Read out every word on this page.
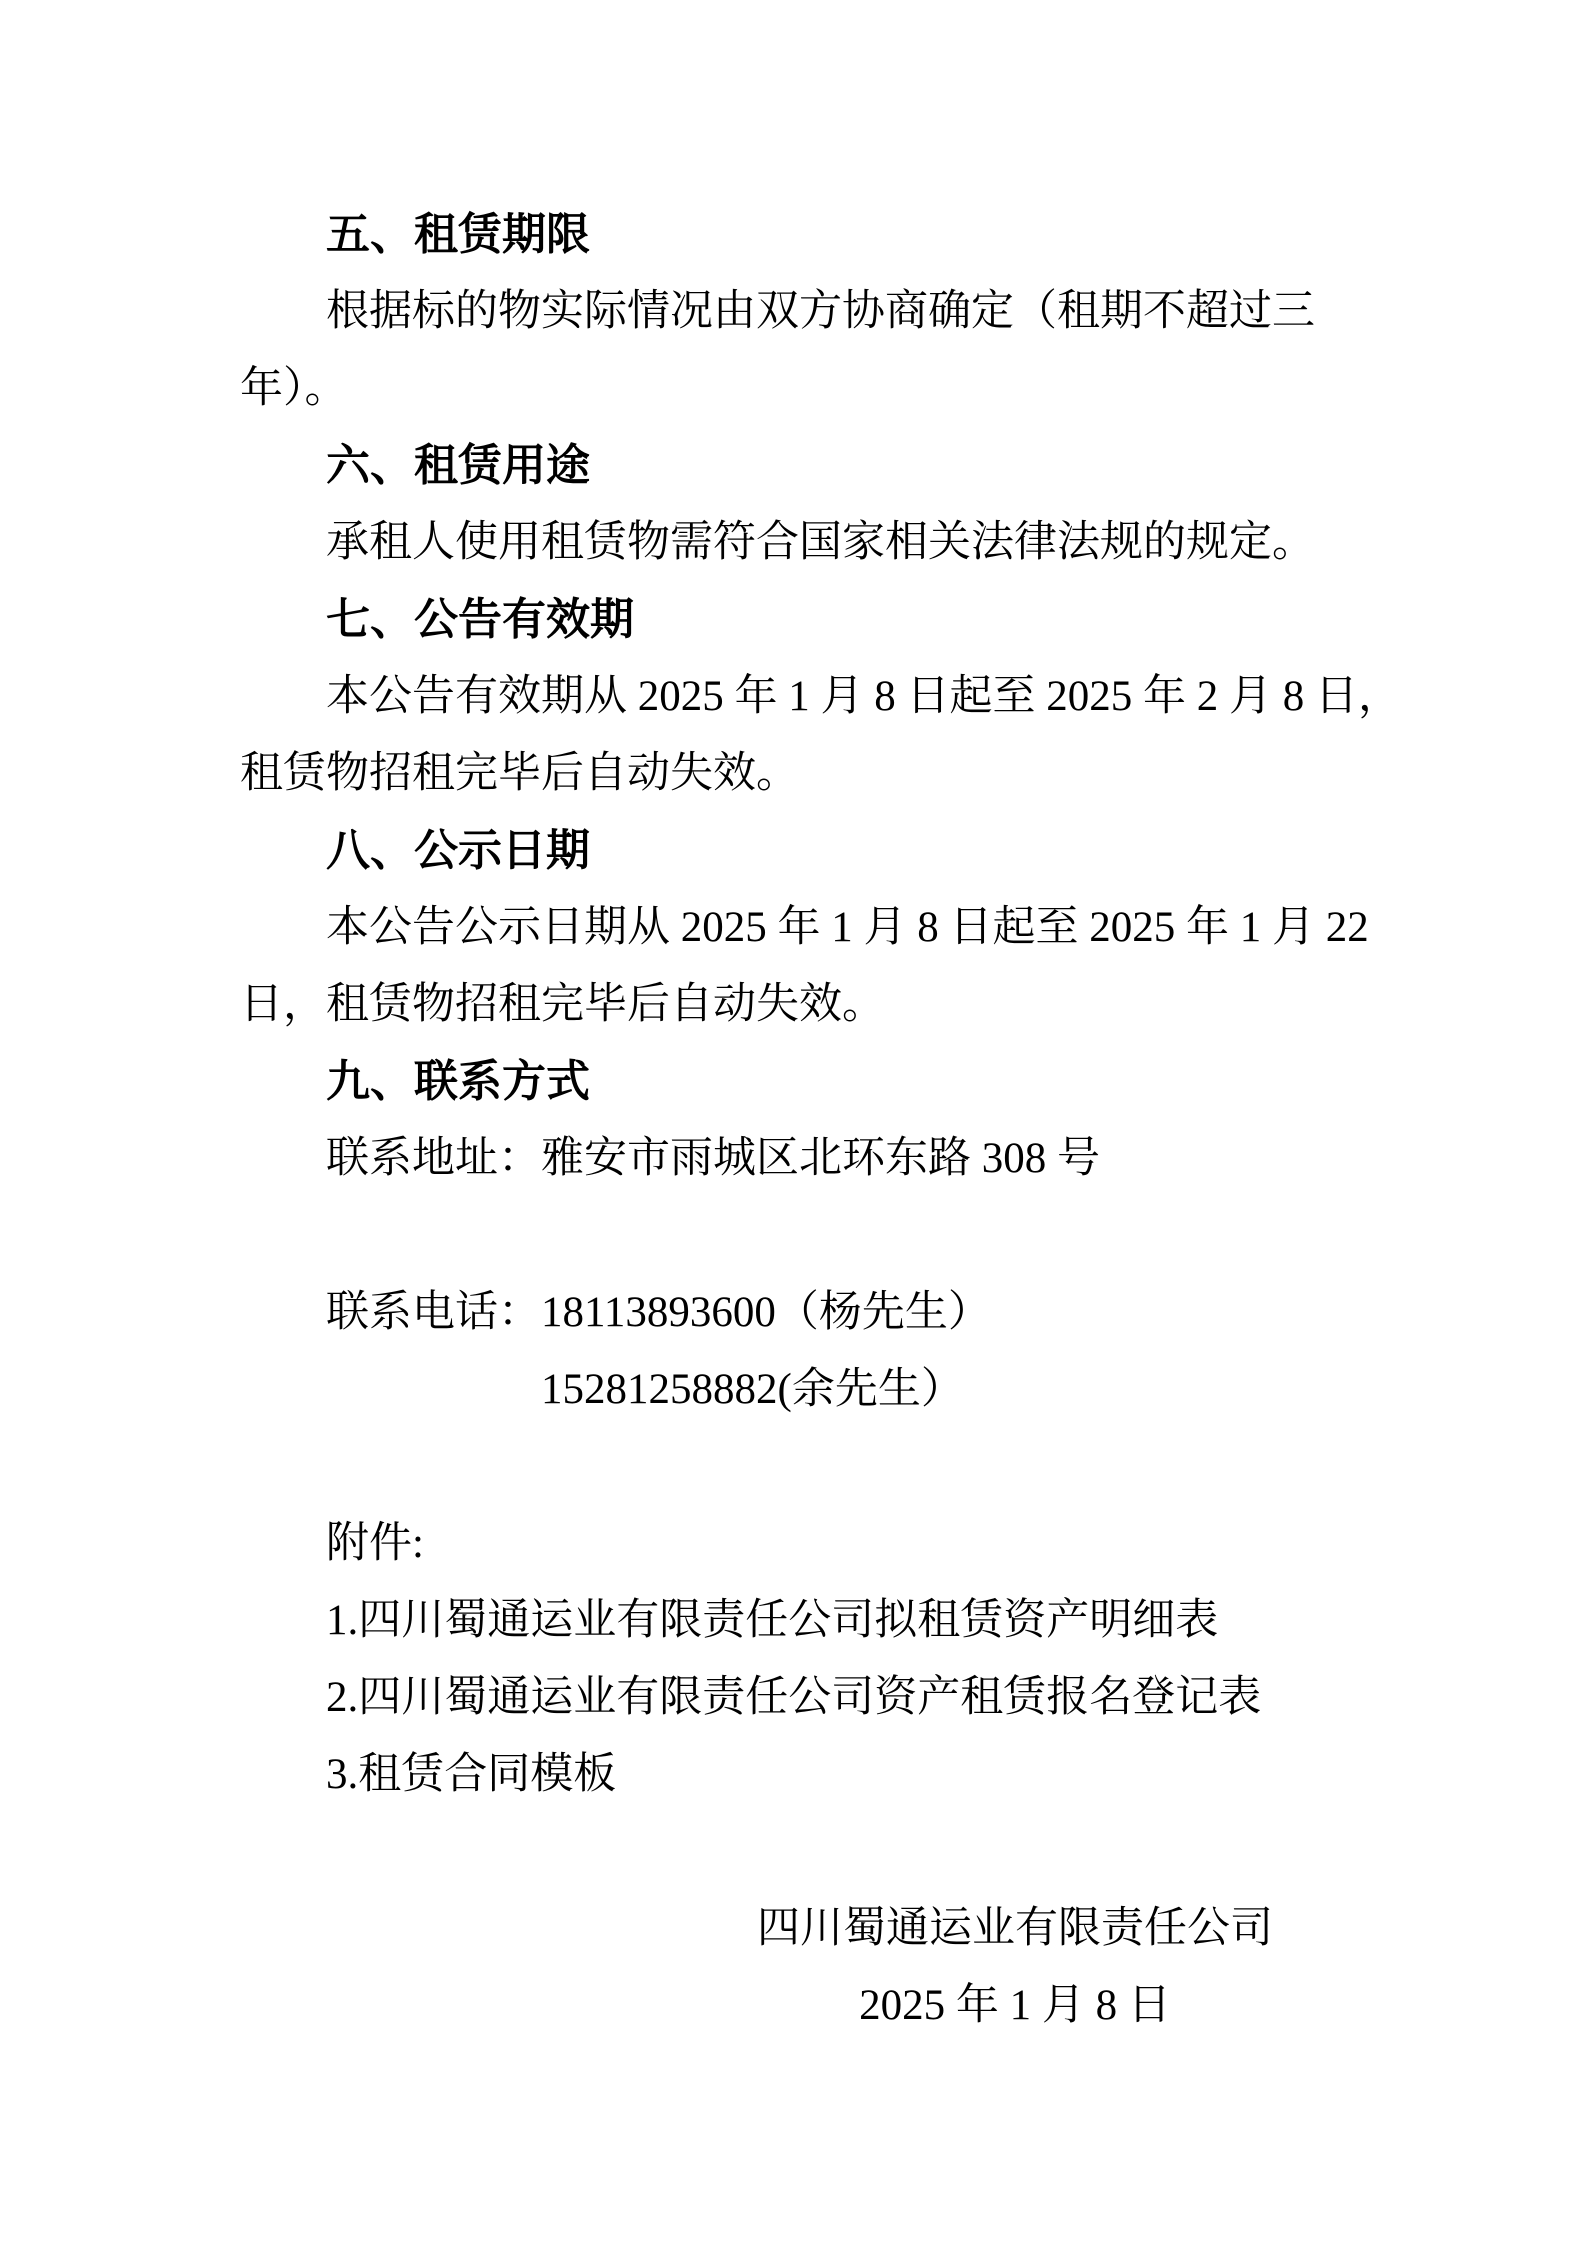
五、租赁期限
根据标的物实际情况由双方协商确定（租期不超过三
年）。
六、租赁用途
承租人使用租赁物需符合国家相关法律法规的规定。
七、公告有效期
本公告有效期从 2025 年 1 月 8 日起至 2025 年 2 月 8 日，
租赁物招租完毕后自动失效。
八、公示日期
本公告公示日期从 2025 年 1 月 8 日起至 2025 年 1 月 22
日，租赁物招租完毕后自动失效。
九、联系方式
联系地址：雅安市雨城区北环东路 308 号
联系电话：18113893600（杨先生）
15281258882(余先生）
附件:
1.四川蜀通运业有限责任公司拟租赁资产明细表
2.四川蜀通运业有限责任公司资产租赁报名登记表
3.租赁合同模板
四川蜀通运业有限责任公司
2025 年 1 月 8 日
